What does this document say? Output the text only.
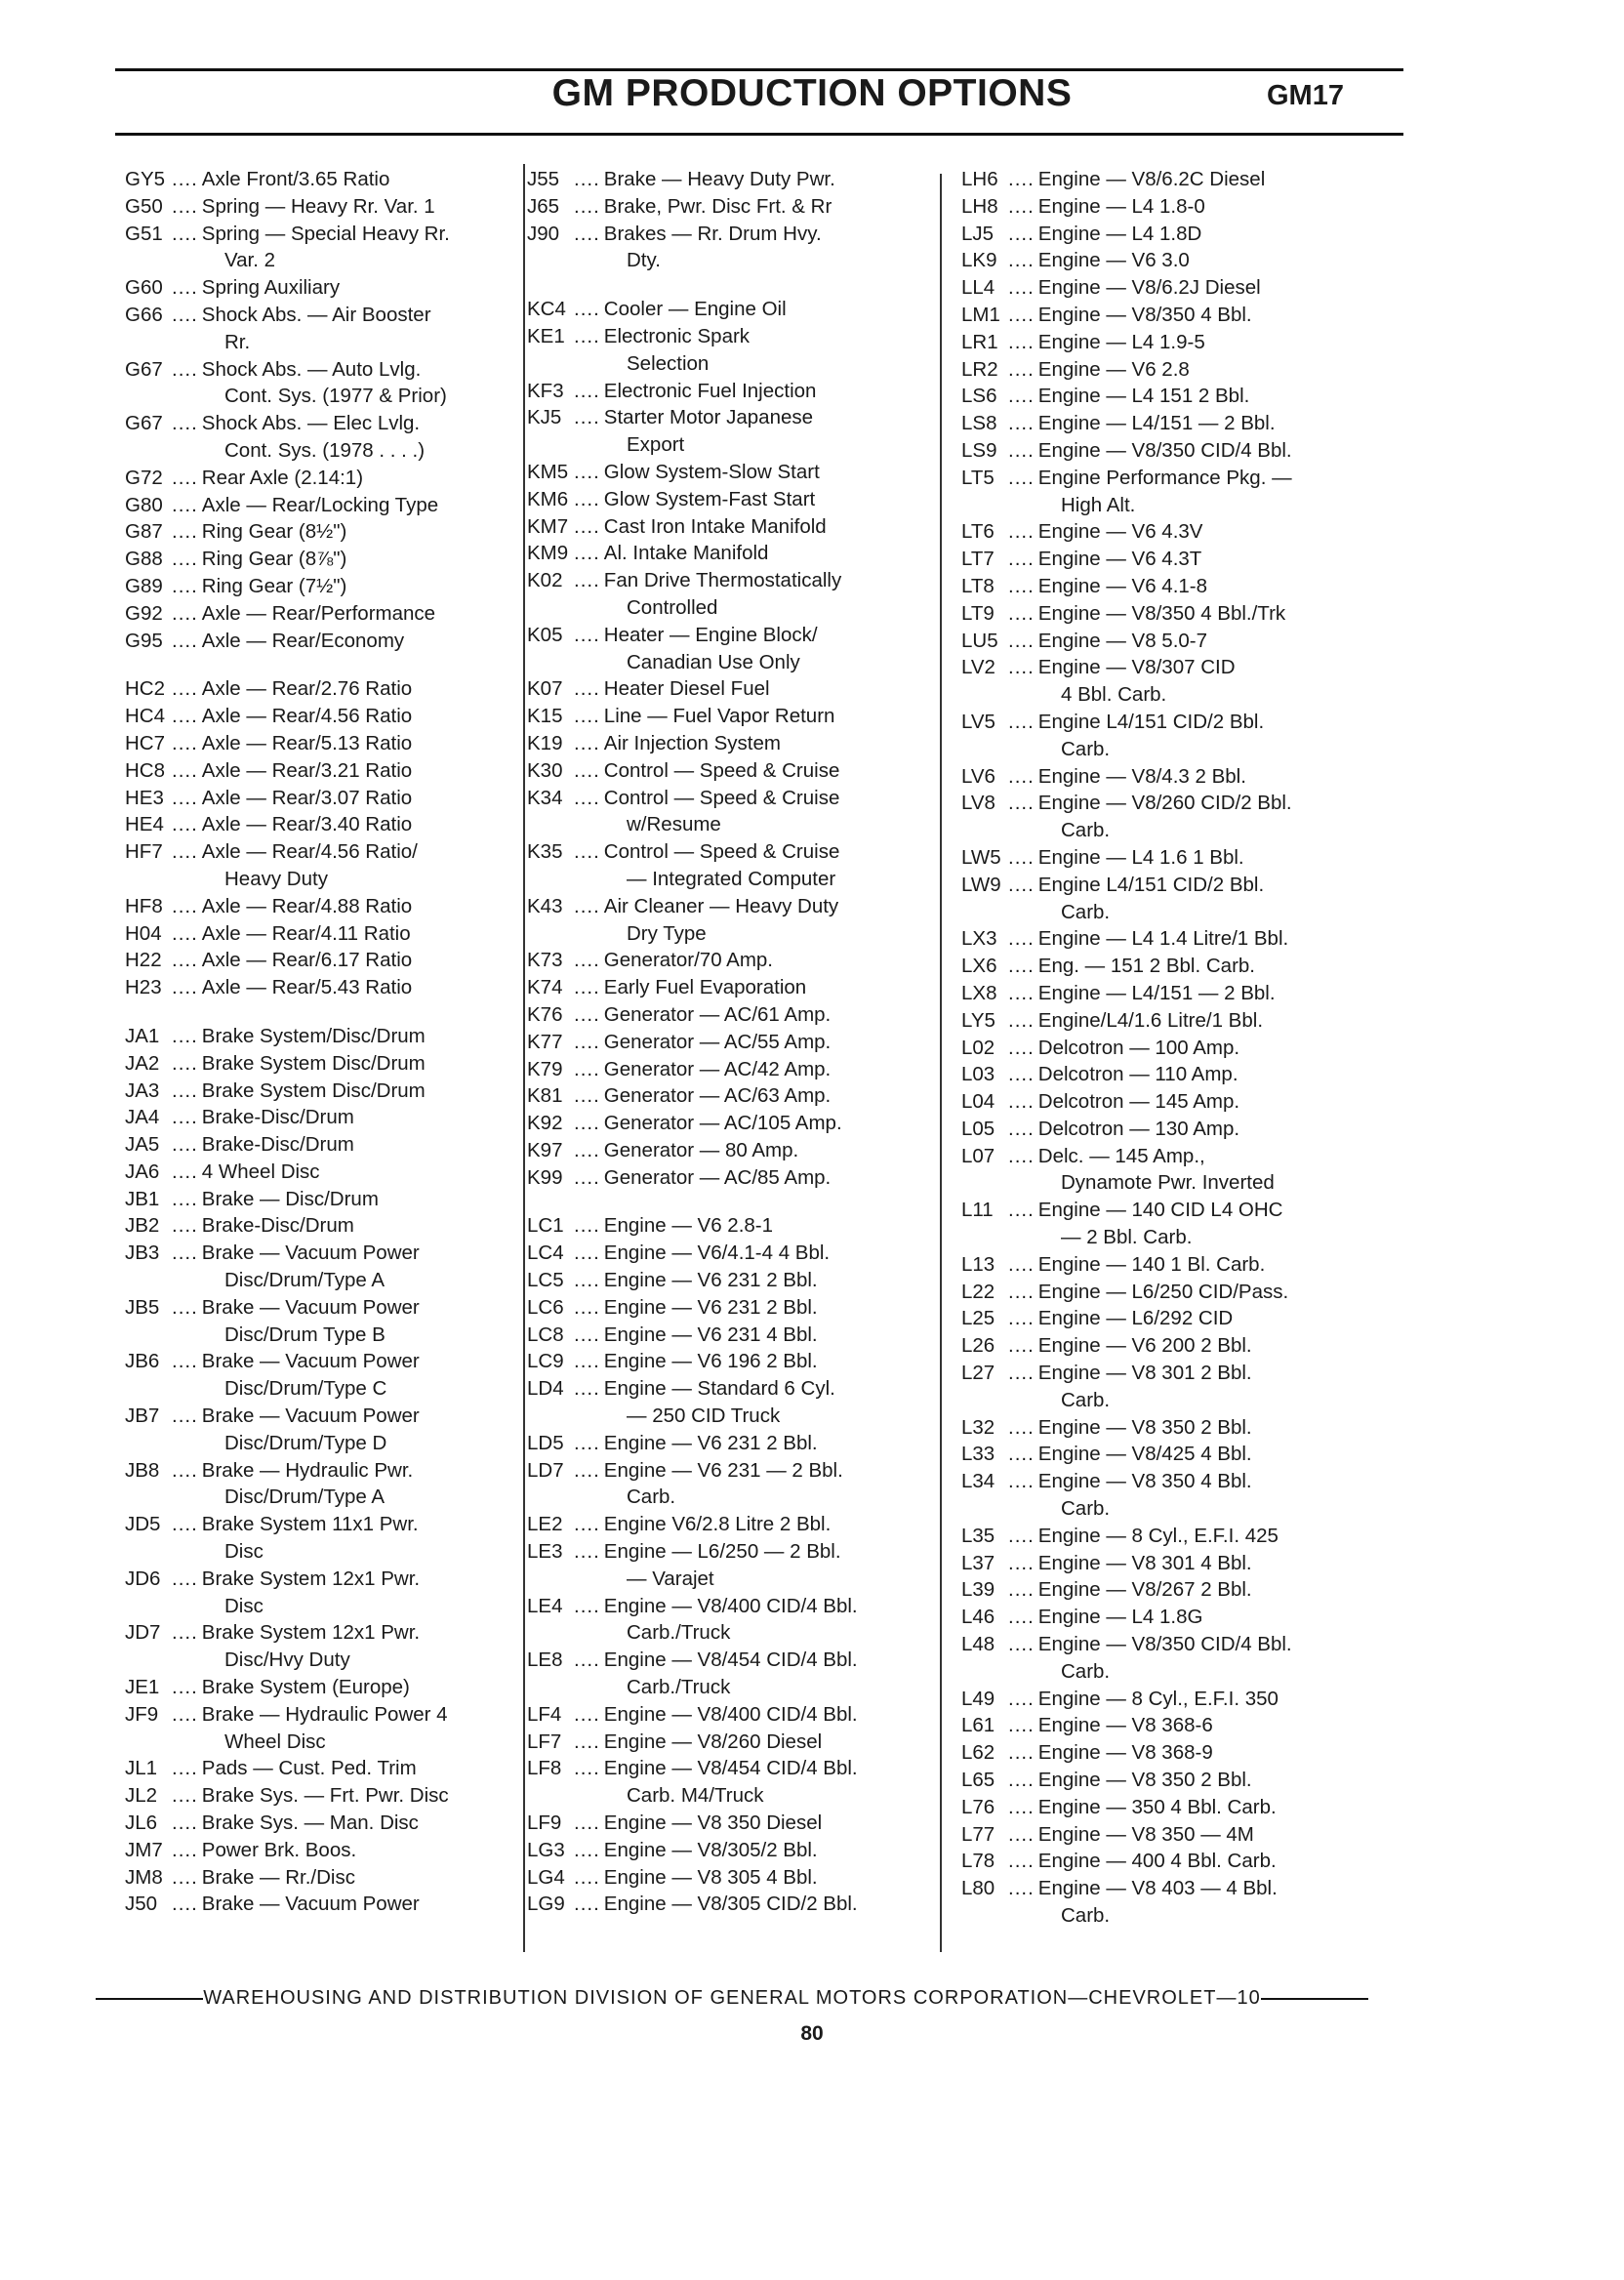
GM PRODUCTION OPTIONS	GM17
GY5 .... Axle Front/3.65 Ratio
G50 .... Spring — Heavy Rr. Var. 1
G51 .... Spring — Special Heavy Rr.
Var. 2
G60 .... Spring Auxiliary
G66 .... Shock Abs. — Air Booster
Rr.
G67 .... Shock Abs. — Auto Lvlg.
Cont. Sys. (1977 & Prior)
G67 .... Shock Abs. — Elec Lvlg.
Cont. Sys. (1978 . . . .)
G72 .... Rear Axle (2.14:1)
G80 .... Axle — Rear/Locking Type
G87 .... Ring Gear (8½")
G88 .... Ring Gear (8⅞")
G89 .... Ring Gear (7½")
G92 .... Axle — Rear/Performance
G95 .... Axle — Rear/Economy
HC2 .... Axle — Rear/2.76 Ratio
HC4 .... Axle — Rear/4.56 Ratio
HC7 .... Axle — Rear/5.13 Ratio
HC8 .... Axle — Rear/3.21 Ratio
HE3 .... Axle — Rear/3.07 Ratio
HE4 .... Axle — Rear/3.40 Ratio
HF7 .... Axle — Rear/4.56 Ratio/
Heavy Duty
HF8 .... Axle — Rear/4.88 Ratio
H04 .... Axle — Rear/4.11 Ratio
H22 .... Axle — Rear/6.17 Ratio
H23 .... Axle — Rear/5.43 Ratio
JA1 .... Brake System/Disc/Drum
JA2 .... Brake System Disc/Drum
JA3 .... Brake System Disc/Drum
JA4 .... Brake-Disc/Drum
JA5 .... Brake-Disc/Drum
JA6 .... 4 Wheel Disc
JB1 .... Brake — Disc/Drum
JB2 .... Brake-Disc/Drum
JB3 .... Brake — Vacuum Power
Disc/Drum/Type A
JB5 .... Brake — Vacuum Power
Disc/Drum Type B
JB6 .... Brake — Vacuum Power
Disc/Drum/Type C
JB7 .... Brake — Vacuum Power
Disc/Drum/Type D
JB8 .... Brake — Hydraulic Pwr.
Disc/Drum/Type A
JD5 .... Brake System 11x1 Pwr.
Disc
JD6 .... Brake System 12x1 Pwr.
Disc
JD7 .... Brake System 12x1 Pwr.
Disc/Hvy Duty
JE1 .... Brake System (Europe)
JF9 .... Brake — Hydraulic Power 4
Wheel Disc
JL1 .... Pads — Cust. Ped. Trim
JL2 .... Brake Sys. — Frt. Pwr. Disc
JL6 .... Brake Sys. — Man. Disc
JM7 .... Power Brk. Boos.
JM8 .... Brake — Rr./Disc
J50 .... Brake — Vacuum Power
J55 .... Brake — Heavy Duty Pwr.
J65 .... Brake, Pwr. Disc Frt. & Rr
J90 .... Brakes — Rr. Drum Hvy.
Dty.
KC4 .... Cooler — Engine Oil
KE1 .... Electronic Spark
Selection
KF3 .... Electronic Fuel Injection
KJ5 .... Starter Motor Japanese
Export
KM5 .... Glow System-Slow Start
KM6 .... Glow System-Fast Start
KM7 .... Cast Iron Intake Manifold
KM9 .... Al. Intake Manifold
K02 .... Fan Drive Thermostatically
Controlled
K05 .... Heater — Engine Block/
Canadian Use Only
K07 .... Heater Diesel Fuel
K15 .... Line — Fuel Vapor Return
K19 .... Air Injection System
K30 .... Control — Speed & Cruise
K34 .... Control — Speed & Cruise
w/Resume
K35 .... Control — Speed & Cruise
— Integrated Computer
K43 .... Air Cleaner — Heavy Duty
Dry Type
K73 .... Generator/70 Amp.
K74 .... Early Fuel Evaporation
K76 .... Generator — AC/61 Amp.
K77 .... Generator — AC/55 Amp.
K79 .... Generator — AC/42 Amp.
K81 .... Generator — AC/63 Amp.
K92 .... Generator — AC/105 Amp.
K97 .... Generator — 80 Amp.
K99 .... Generator — AC/85 Amp.
LC1 .... Engine — V6 2.8-1
LC4 .... Engine — V6/4.1-4 4 Bbl.
LC5 .... Engine — V6 231 2 Bbl.
LC6 .... Engine — V6 231 2 Bbl.
LC8 .... Engine — V6 231 4 Bbl.
LC9 .... Engine — V6 196 2 Bbl.
LD4 .... Engine — Standard 6 Cyl.
— 250 CID Truck
LD5 .... Engine — V6 231 2 Bbl.
LD7 .... Engine — V6 231 — 2 Bbl.
Carb.
LE2 .... Engine V6/2.8 Litre 2 Bbl.
LE3 .... Engine — L6/250 — 2 Bbl.
— Varajet
LE4 .... Engine — V8/400 CID/4 Bbl.
Carb./Truck
LE8 .... Engine — V8/454 CID/4 Bbl.
Carb./Truck
LF4 .... Engine — V8/400 CID/4 Bbl.
LF7 .... Engine — V8/260 Diesel
LF8 .... Engine — V8/454 CID/4 Bbl.
Carb. M4/Truck
LF9 .... Engine — V8 350 Diesel
LG3 .... Engine — V8/305/2 Bbl.
LG4 .... Engine — V8 305 4 Bbl.
LG9 .... Engine — V8/305 CID/2 Bbl.
LH6 .... Engine — V8/6.2C Diesel
LH8 .... Engine — L4 1.8-0
LJ5 .... Engine — L4 1.8D
LK9 .... Engine — V6 3.0
LL4 .... Engine — V8/6.2J Diesel
LM1 .... Engine — V8/350 4 Bbl.
LR1 .... Engine — L4 1.9-5
LR2 .... Engine — V6 2.8
LS6 .... Engine — L4 151 2 Bbl.
LS8 .... Engine — L4/151 — 2 Bbl.
LS9 .... Engine — V8/350 CID/4 Bbl.
LT5 .... Engine Performance Pkg. —
High Alt.
LT6 .... Engine — V6 4.3V
LT7 .... Engine — V6 4.3T
LT8 .... Engine — V6 4.1-8
LT9 .... Engine — V8/350 4 Bbl./Trk
LU5 .... Engine — V8 5.0-7
LV2 .... Engine — V8/307 CID
4 Bbl. Carb.
LV5 .... Engine L4/151 CID/2 Bbl.
Carb.
LV6 .... Engine — V8/4.3 2 Bbl.
LV8 .... Engine — V8/260 CID/2 Bbl.
Carb.
LW5 .... Engine — L4 1.6 1 Bbl.
LW9 .... Engine L4/151 CID/2 Bbl.
Carb.
LX3 .... Engine — L4 1.4 Litre/1 Bbl.
LX6 .... Eng. — 151 2 Bbl. Carb.
LX8 .... Engine — L4/151 — 2 Bbl.
LY5 .... Engine/L4/1.6 Litre/1 Bbl.
L02 .... Delcotron — 100 Amp.
L03 .... Delcotron — 110 Amp.
L04 .... Delcotron — 145 Amp.
L05 .... Delcotron — 130 Amp.
L07 .... Delc. — 145 Amp.,
Dynamote Pwr. Inverted
L11 .... Engine — 140 CID L4 OHC
— 2 Bbl. Carb.
L13 .... Engine — 140 1 Bl. Carb.
L22 .... Engine — L6/250 CID/Pass.
L25 .... Engine — L6/292 CID
L26 .... Engine — V6 200 2 Bbl.
L27 .... Engine — V8 301 2 Bbl.
Carb.
L32 .... Engine — V8 350 2 Bbl.
L33 .... Engine — V8/425 4 Bbl.
L34 .... Engine — V8 350 4 Bbl.
Carb.
L35 .... Engine — 8 Cyl., E.F.I. 425
L37 .... Engine — V8 301 4 Bbl.
L39 .... Engine — V8/267 2 Bbl.
L46 .... Engine — L4 1.8G
L48 .... Engine — V8/350 CID/4 Bbl.
Carb.
L49 .... Engine — 8 Cyl., E.F.I. 350
L61 .... Engine — V8 368-6
L62 .... Engine — V8 368-9
L65 .... Engine — V8 350 2 Bbl.
L76 .... Engine — 350 4 Bbl. Carb.
L77 .... Engine — V8 350 — 4M
L78 .... Engine — 400 4 Bbl. Carb.
L80 .... Engine — V8 403 — 4 Bbl.
Carb.
WAREHOUSING AND DISTRIBUTION DIVISION OF GENERAL MOTORS CORPORATION—CHEVROLET—10
80
